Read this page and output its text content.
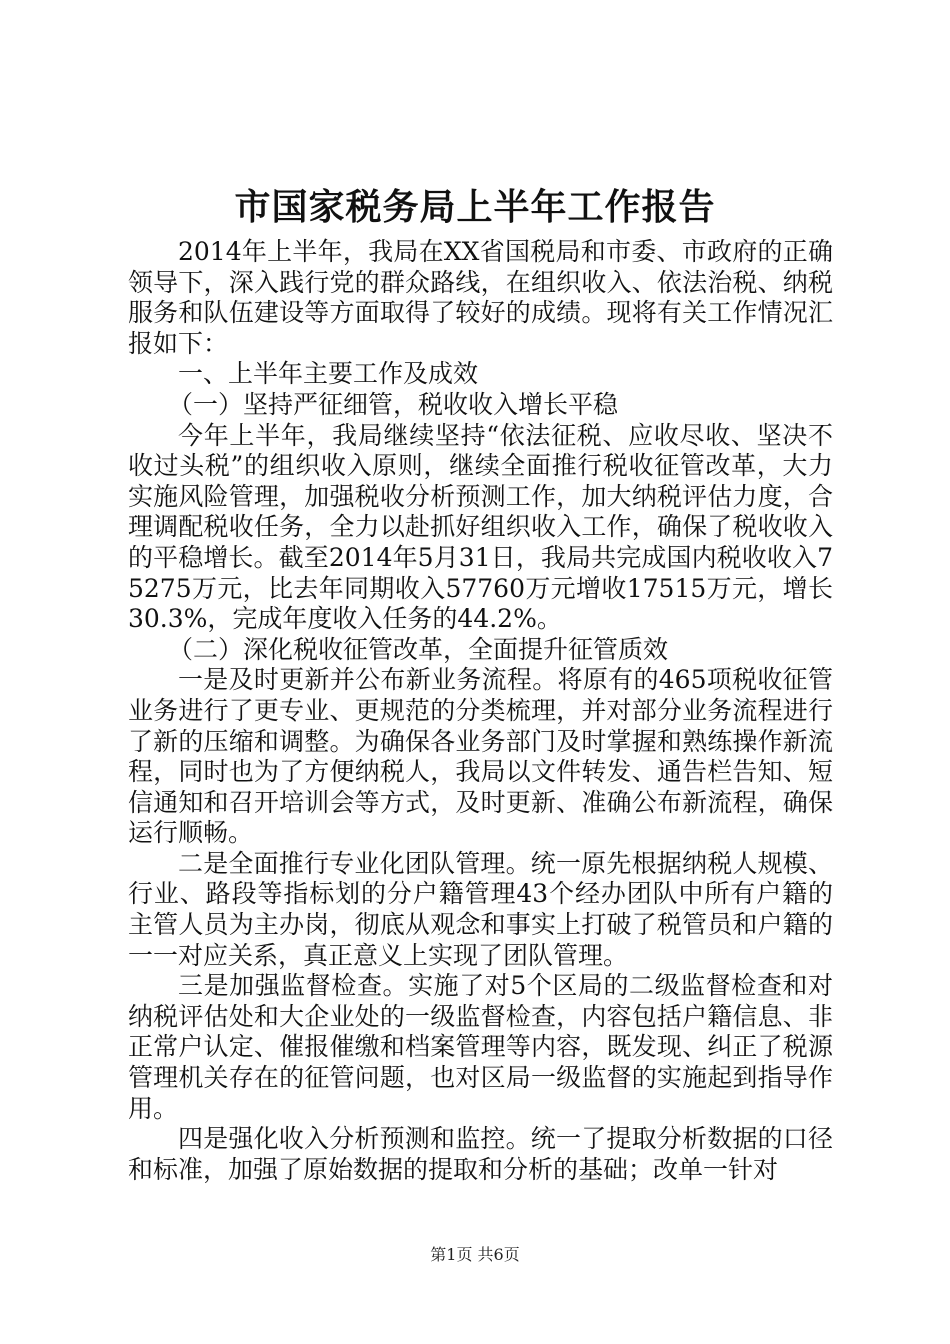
市国家税务局上半年工作报告

2014年上半年，我局在XX省国税局和市委、市政府的正确领导下，深入践行党的群众路线，在组织收入、依法治税、纳税服务和队伍建设等方面取得了较好的成绩。现将有关工作情况汇报如下：

一、上半年主要工作及成效

（一）坚持严征细管，税收收入增长平稳

今年上半年，我局继续坚持“依法征税、应收尽收、坚决不收过头税”的组织收入原则，继续全面推行税收征管改革，大力实施风险管理，加强税收分析预测工作，加大纳税评估力度，合理调配税收任务，全力以赴抓好组织收入工作，确保了税收收入的平稳增长。截至2014年5月31日，我局共完成国内税收收入75275万元，比去年同期收入57760万元增收17515万元，增长30.3%，完成年度收入任务的44.2%。

（二）深化税收征管改革，全面提升征管质效

一是及时更新并公布新业务流程。将原有的465项税收征管业务进行了更专业、更规范的分类梳理，并对部分业务流程进行了新的压缩和调整。为确保各业务部门及时掌握和熟练操作新流程，同时也为了方便纳税人，我局以文件转发、通告栏告知、短信通知和召开培训会等方式，及时更新、准确公布新流程，确保运行顺畅。

二是全面推行专业化团队管理。统一原先根据纳税人规模、行业、路段等指标划的分户籍管理43个经办团队中所有户籍的主管人员为主办岗，彻底从观念和事实上打破了税管员和户籍的一一对应关系，真正意义上实现了团队管理。

三是加强监督检查。实施了对5个区局的二级监督检查和对纳税评估处和大企业处的一级监督检查，内容包括户籍信息、非正常户认定、催报催缴和档案管理等内容，既发现、纠正了税源管理机关存在的征管问题，也对区局一级监督的实施起到指导作用。

四是强化收入分析预测和监控。统一了提取分析数据的口径和标准，加强了原始数据的提取和分析的基础；改单一针对

第1页 共6页
